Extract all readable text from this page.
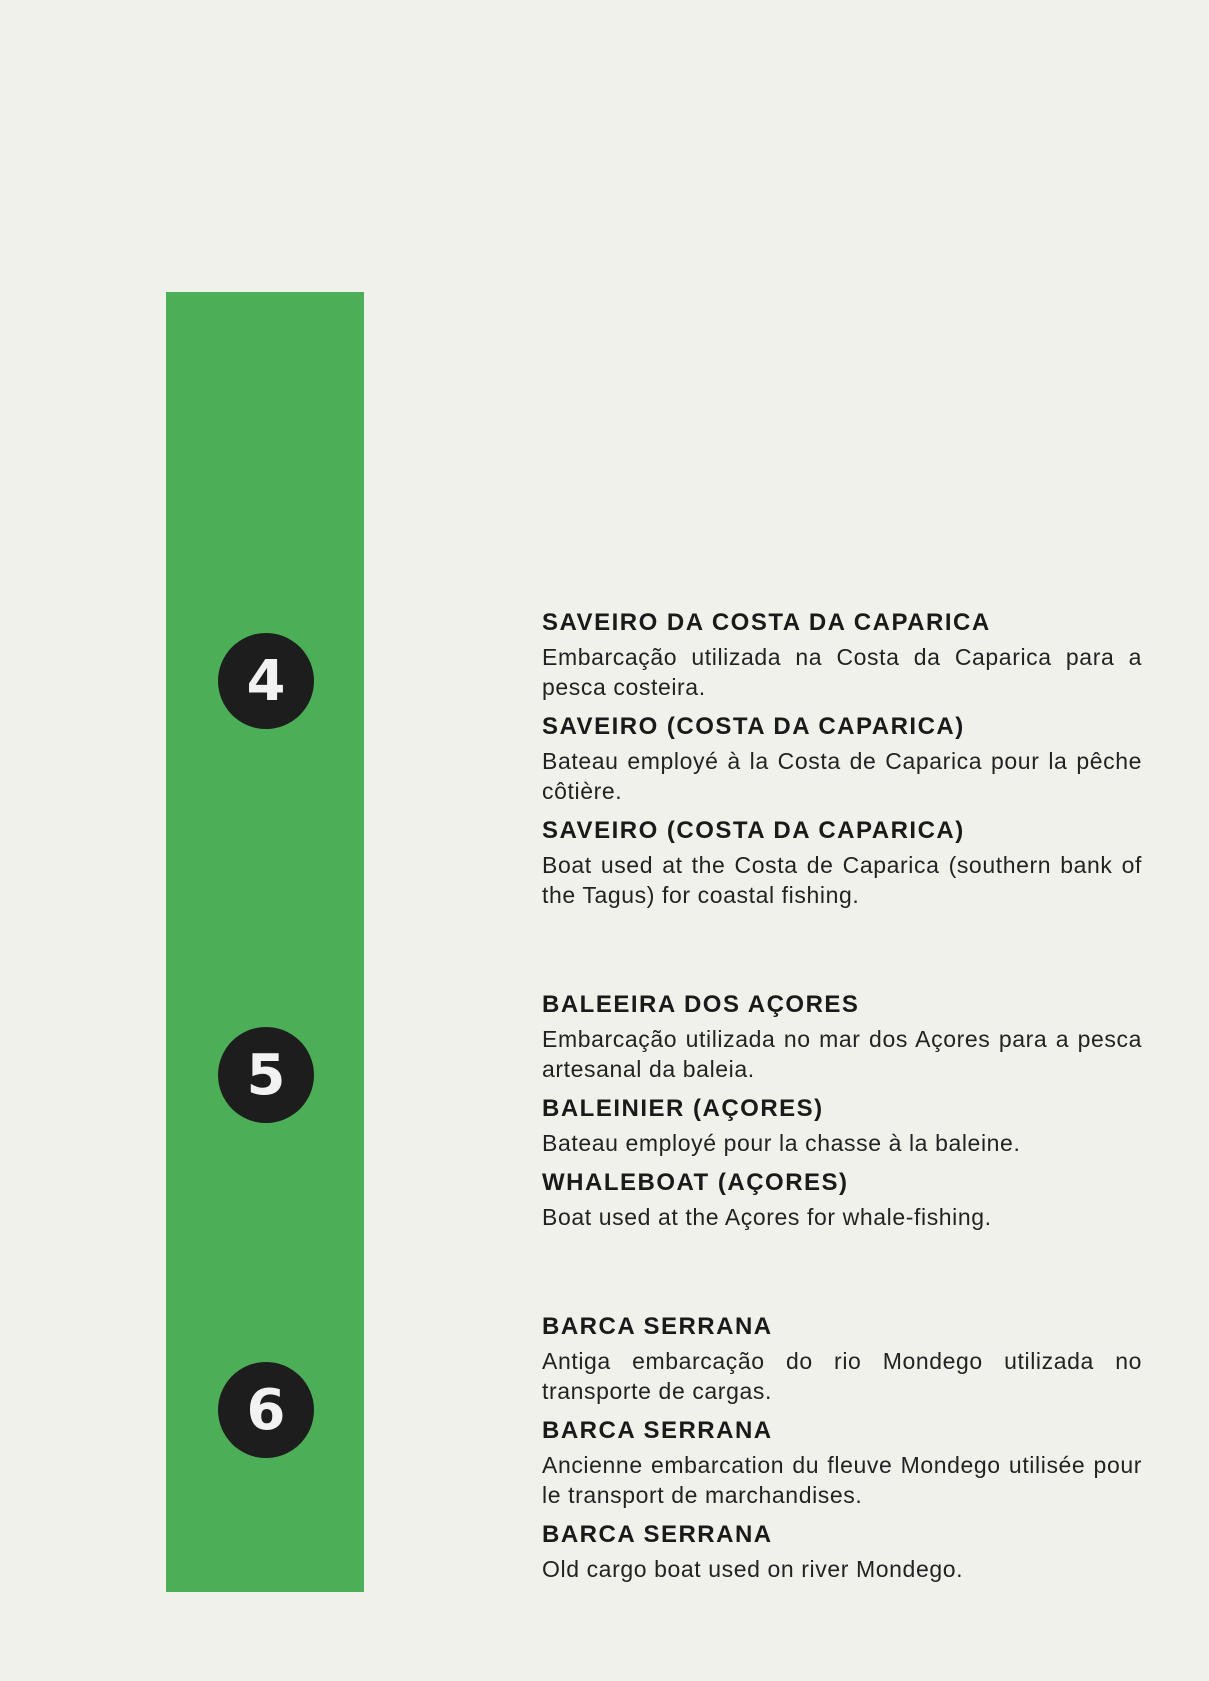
4
5
6
SAVEIRO DA COSTA DA CAPARICA
Embarcação utilizada na Costa da Caparica para a pesca costeira.
SAVEIRO (COSTA DA CAPARICA)
Bateau employé à la Costa de Caparica pour la pêche côtière.
SAVEIRO (COSTA DA CAPARICA)
Boat used at the Costa de Caparica (southern bank of the Tagus) for coastal fishing.
BALEEIRA DOS AÇORES
Embarcação utilizada no mar dos Açores para a pesca artesanal da baleia.
BALEINIER (AÇORES)
Bateau employé pour la chasse à la baleine.
WHALEBOAT (AÇORES)
Boat used at the Açores for whale-fishing.
BARCA SERRANA
Antiga embarcação do rio Mondego utilizada no transporte de cargas.
BARCA SERRANA
Ancienne embarcation du fleuve Mondego utilisée pour le transport de marchandises.
BARCA SERRANA
Old cargo boat used on river Mondego.
